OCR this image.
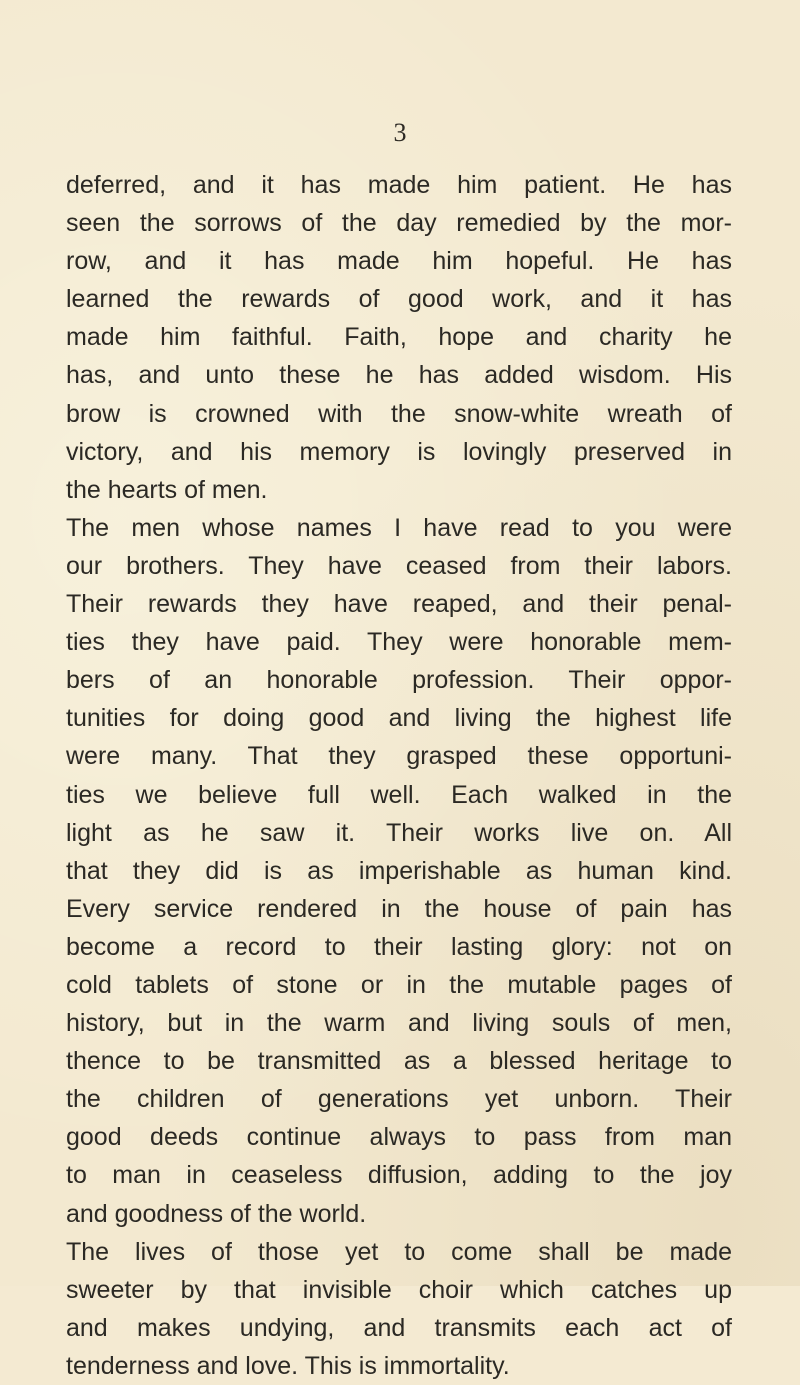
3
deferred, and it has made him patient. He has
seen the sorrows of the day remedied by the mor-
row, and it has made him hopeful. He has
learned the rewards of good work, and it has
made him faithful. Faith, hope and charity he
has, and unto these he has added wisdom. His
brow is crowned with the snow-white wreath of
victory, and his memory is lovingly preserved in
the hearts of men.
The men whose names I have read to you were
our brothers. They have ceased from their labors.
Their rewards they have reaped, and their penal-
ties they have paid. They were honorable mem-
bers of an honorable profession. Their oppor-
tunities for doing good and living the highest life
were many. That they grasped these opportuni-
ties we believe full well. Each walked in the
light as he saw it. Their works live on. All
that they did is as imperishable as human kind.
Every service rendered in the house of pain has
become a record to their lasting glory: not on
cold tablets of stone or in the mutable pages of
history, but in the warm and living souls of men,
thence to be transmitted as a blessed heritage to
the children of generations yet unborn. Their
good deeds continue always to pass from man
to man in ceaseless diffusion, adding to the joy
and goodness of the world.
The lives of those yet to come shall be made
sweeter by that invisible choir which catches up
and makes undying, and transmits each act of
tenderness and love. This is immortality.
